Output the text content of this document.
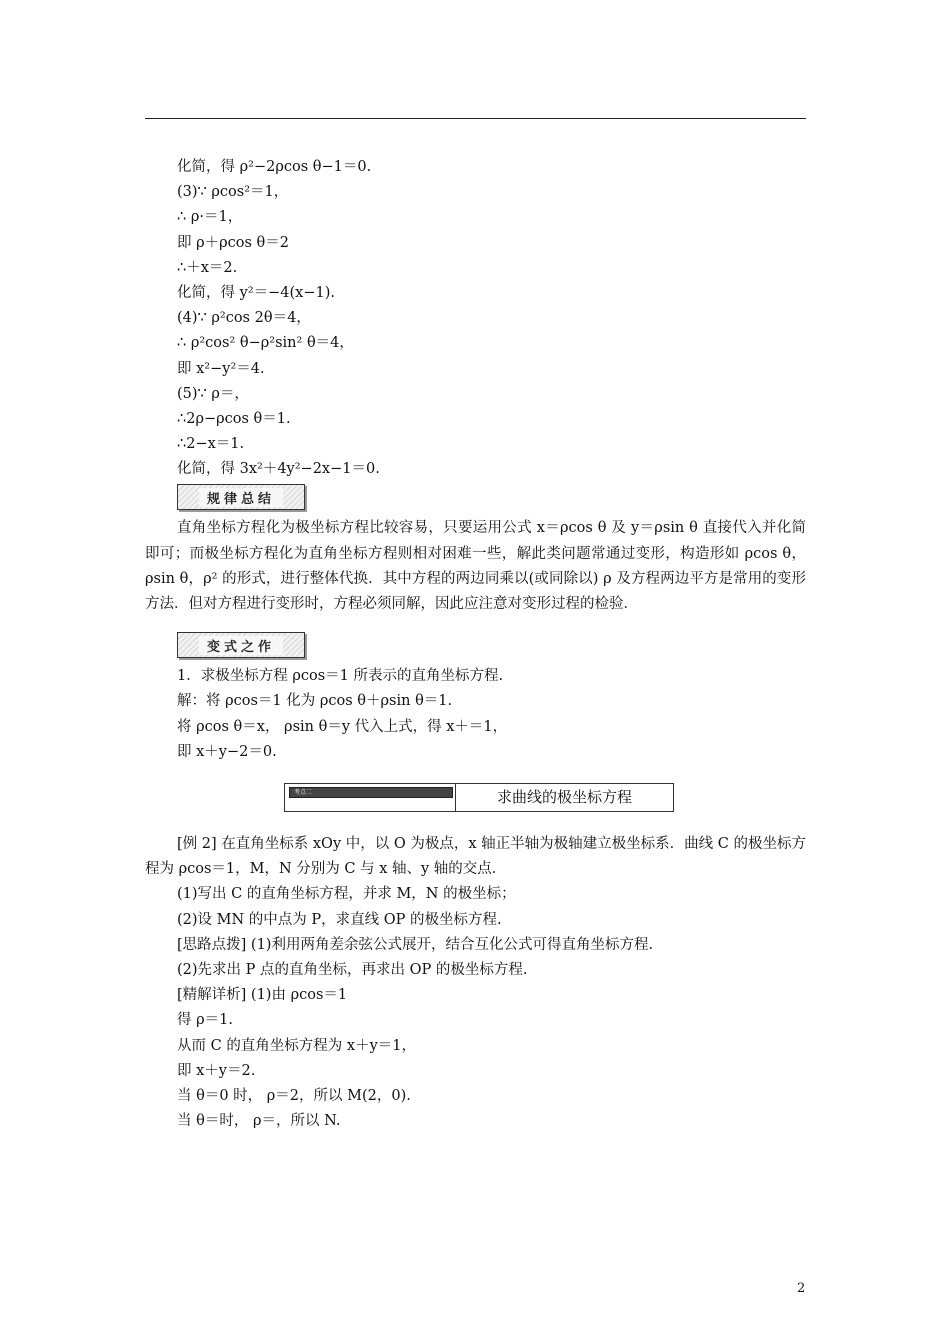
化简，得 ρ²−2ρcos θ−1＝0.
(3)∵ ρcos²＝1，
∴ ρ·＝1，
即 ρ＋ρcos θ＝2
∴＋x＝2.
化简，得 y²＝−4(x−1).
(4)∵ ρ²cos 2θ＝4，
∴ ρ²cos² θ−ρ²sin² θ＝4，
即 x²−y²＝4.
(5)∵ ρ＝，
∴2ρ−ρcos θ＝1.
∴2−x＝1.
化简，得 3x²＋4y²−2x−1＝0.
规律总结

直角坐标方程化为极坐标方程比较容易，只要运用公式 x＝ρcos θ 及 y＝ρsin θ 直接代入并化简即可；而极坐标方程化为直角坐标方程则相对困难一些，解此类问题常通过变形，构造形如 ρcos θ，ρsin θ，ρ² 的形式，进行整体代换．其中方程的两边同乘以(或同除以) ρ 及方程两边平方是常用的变形方法．但对方程进行变形时，方程必须同解，因此应注意对变形过程的检验．

变式之作
1．求极坐标方程 ρcos＝1 所表示的直角坐标方程.
解：将 ρcos＝1 化为 ρcos θ＋ρsin θ＝1.
将 ρcos θ＝x， ρsin θ＝y 代入上式，得 x＋＝1，
即 x＋y−2＝0.
考点二	求曲线的极坐标方程

[例 2] 在直角坐标系 xOy 中，以 O 为极点，x 轴正半轴为极轴建立极坐标系．曲线 C 的极坐标方程为 ρcos＝1，M，N 分别为 C 与 x 轴、y 轴的交点．

(1)写出 C 的直角坐标方程，并求 M，N 的极坐标；
(2)设 MN 的中点为 P，求直线 OP 的极坐标方程.
[思路点拨] (1)利用两角差余弦公式展开，结合互化公式可得直角坐标方程.
(2)先求出 P 点的直角坐标，再求出 OP 的极坐标方程.
[精解详析] (1)由 ρcos＝1
得 ρ＝1.
从而 C 的直角坐标方程为 x＋y＝1，
即 x＋y＝2.
当 θ＝0 时， ρ＝2，所以 M(2，0).
当 θ＝时， ρ＝，所以 N.
2
